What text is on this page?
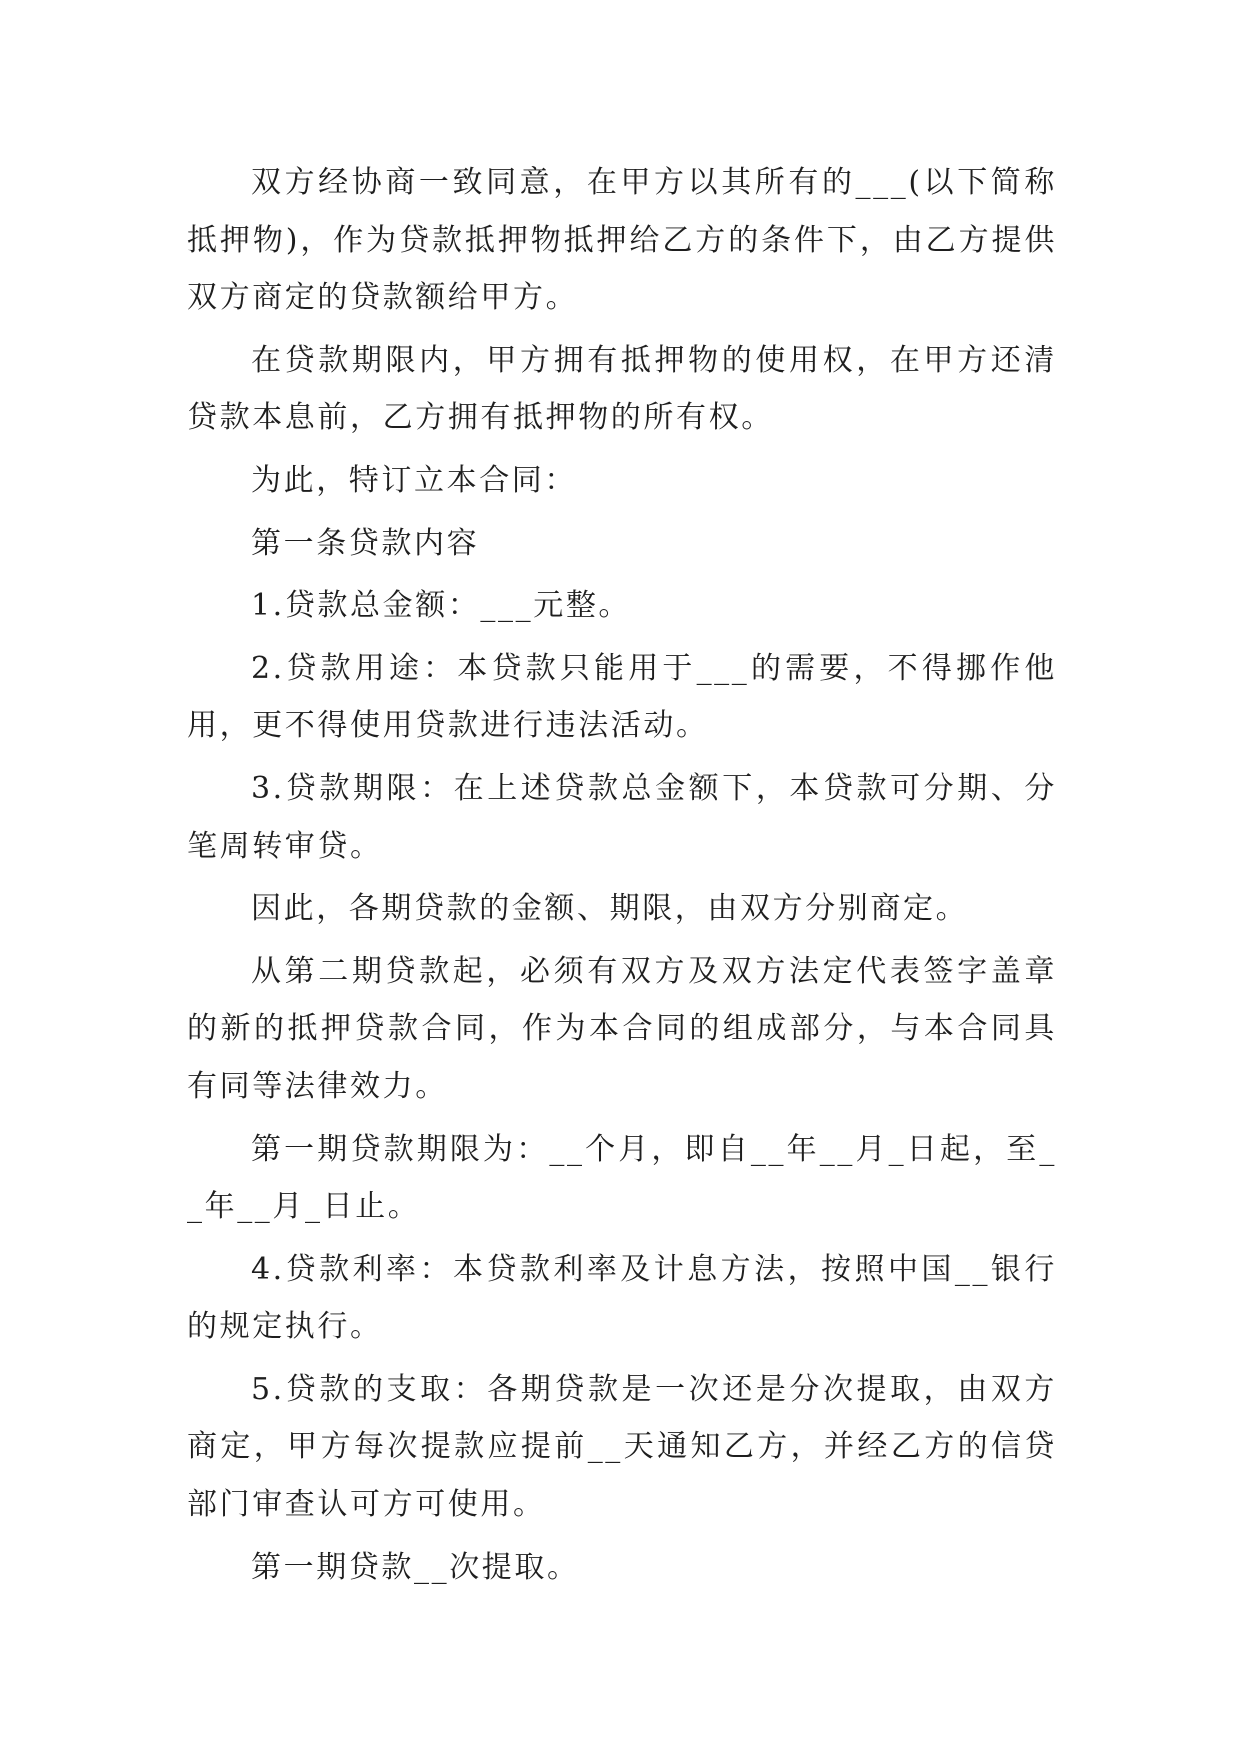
双方经协商一致同意，在甲方以其所有的___(以下简称抵押物)，作为贷款抵押物抵押给乙方的条件下，由乙方提供双方商定的贷款额给甲方。

在贷款期限内，甲方拥有抵押物的使用权，在甲方还清贷款本息前，乙方拥有抵押物的所有权。

为此，特订立本合同：

第一条贷款内容

1.贷款总金额：___元整。

2.贷款用途：本贷款只能用于___的需要，不得挪作他用，更不得使用贷款进行违法活动。

3.贷款期限：在上述贷款总金额下，本贷款可分期、分笔周转审贷。

因此，各期贷款的金额、期限，由双方分别商定。

从第二期贷款起，必须有双方及双方法定代表签字盖章的新的抵押贷款合同，作为本合同的组成部分，与本合同具有同等法律效力。

第一期贷款期限为：__个月，即自__年__月_日起，至__年__月_日止。

4.贷款利率：本贷款利率及计息方法，按照中国__银行的规定执行。

5.贷款的支取：各期贷款是一次还是分次提取，由双方商定，甲方每次提款应提前__天通知乙方，并经乙方的信贷部门审查认可方可使用。

第一期贷款__次提取。
